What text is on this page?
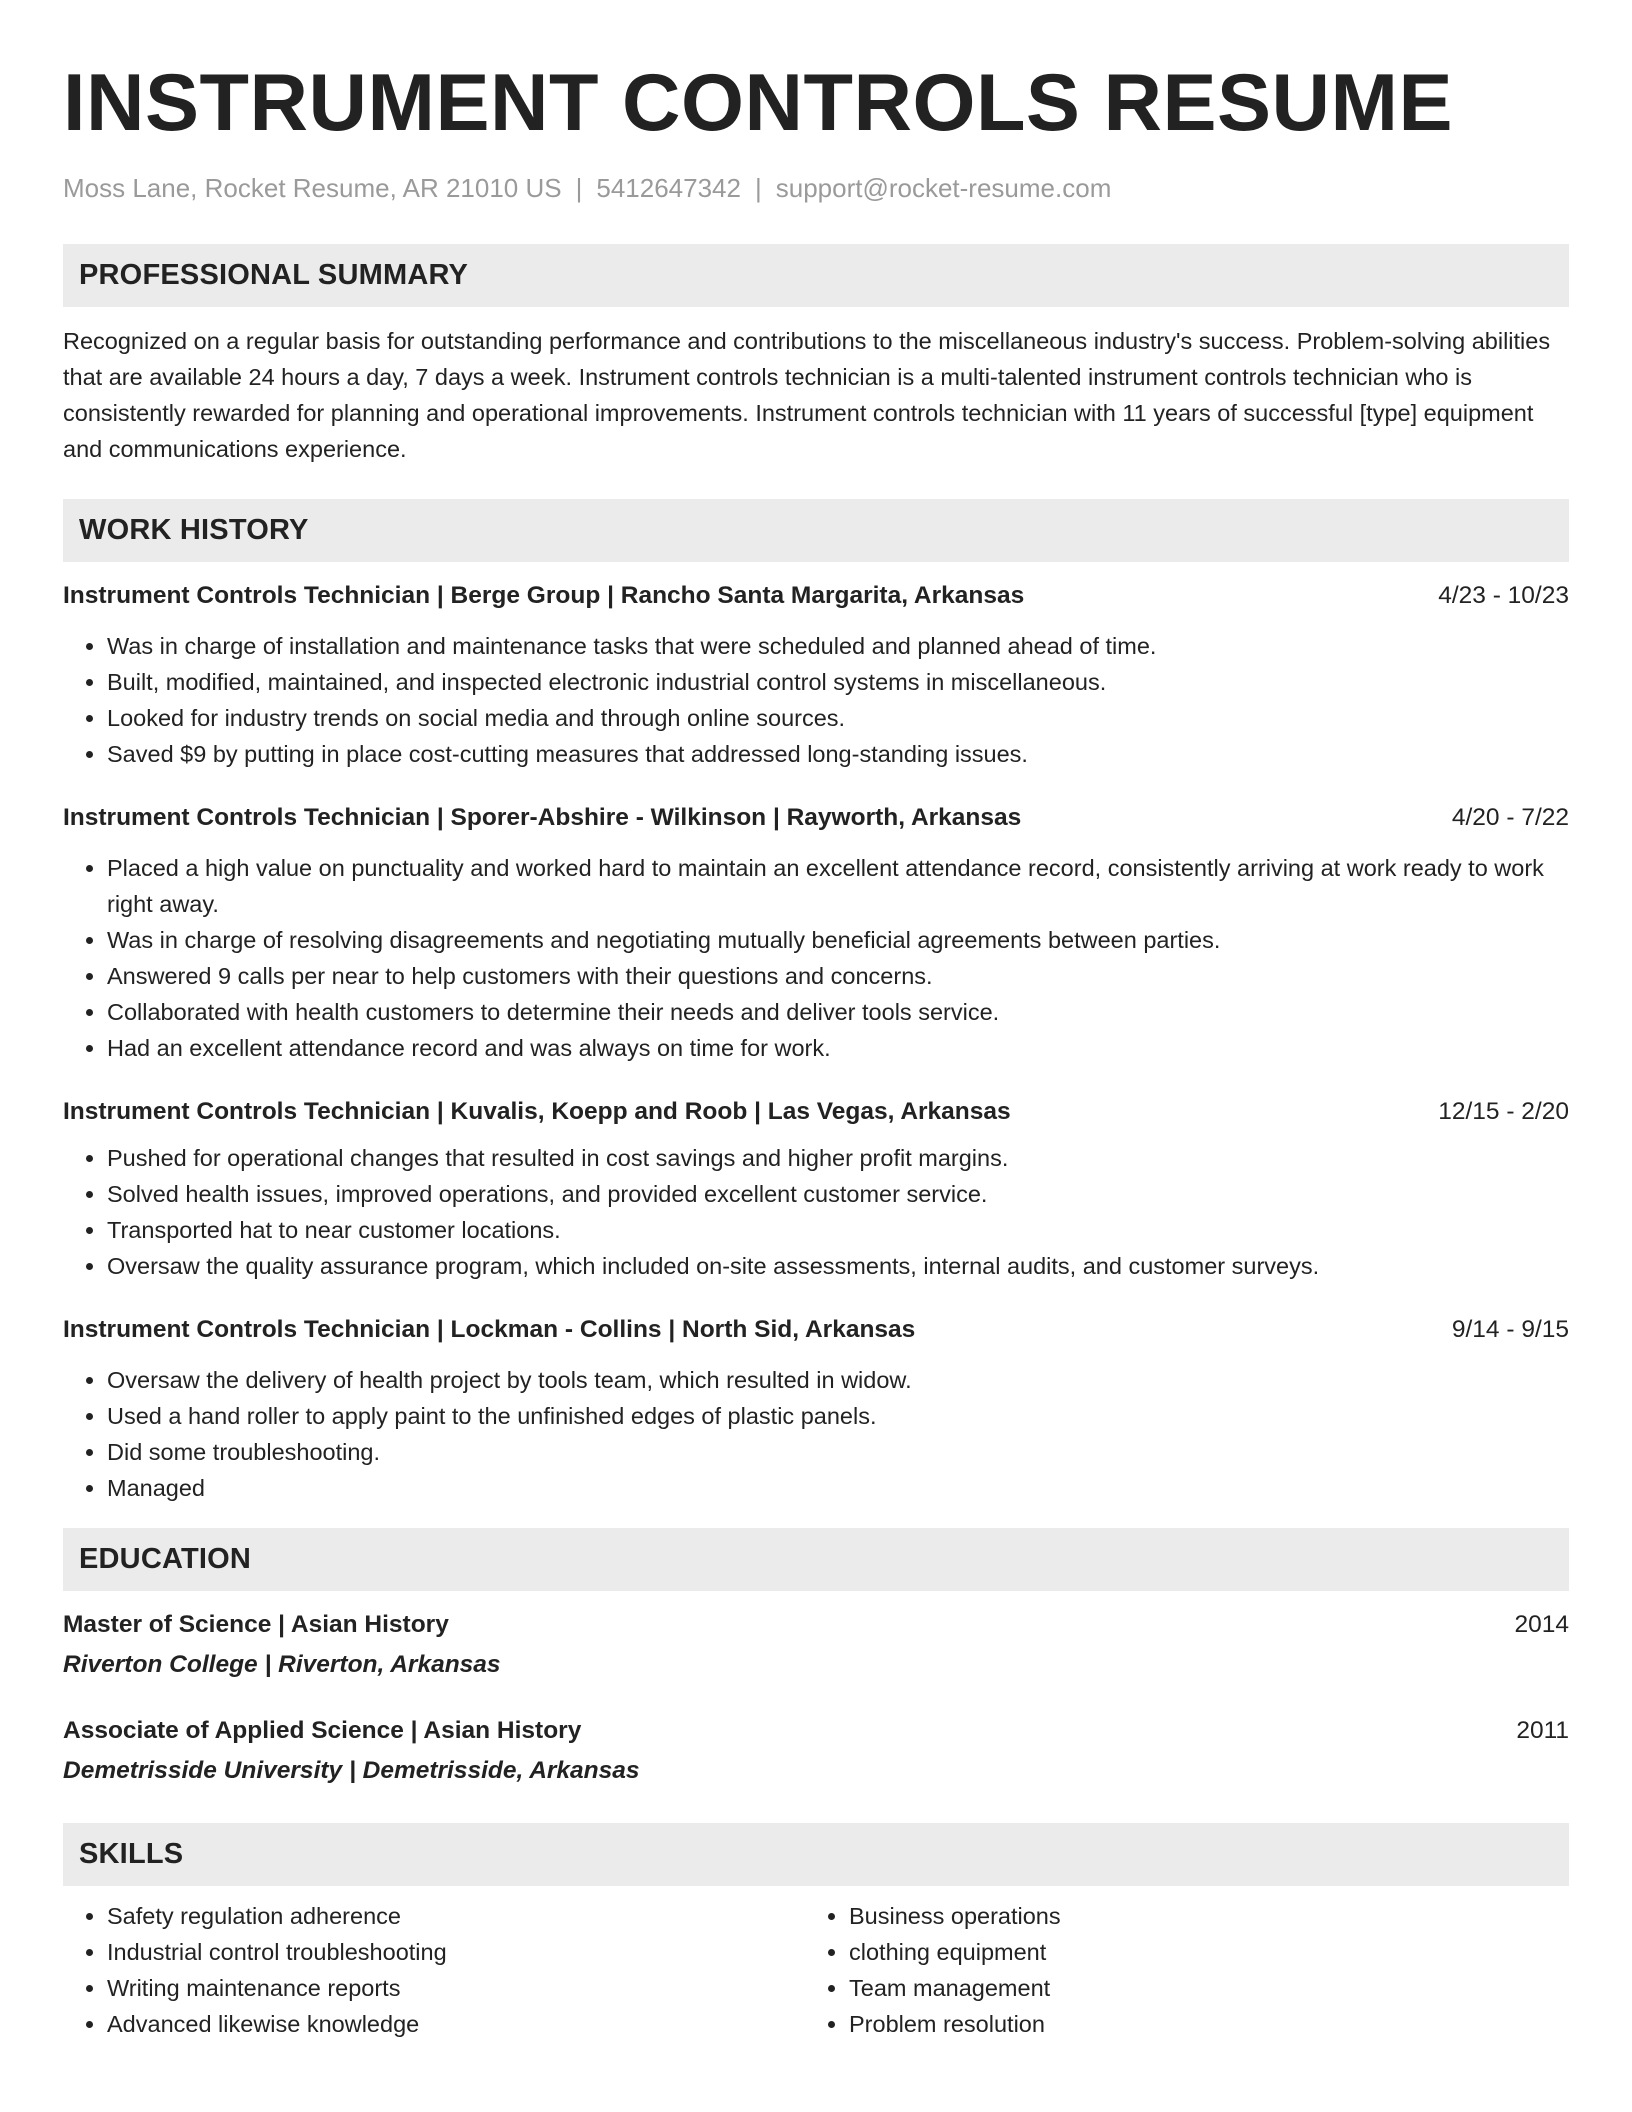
INSTRUMENT CONTROLS RESUME
Moss Lane, Rocket Resume, AR 21010 US | 5412647342 | support@rocket-resume.com
PROFESSIONAL SUMMARY

Recognized on a regular basis for outstanding performance and contributions to the miscellaneous industry's success. Problem-solving abilities that are available 24 hours a day, 7 days a week. Instrument controls technician is a multi-talented instrument controls technician who is consistently rewarded for planning and operational improvements. Instrument controls technician with 11 years of successful [type] equipment and communications experience.

WORK HISTORY
Instrument Controls Technician | Berge Group | Rancho Santa Margarita, Arkansas	4/23 - 10/23
• Was in charge of installation and maintenance tasks that were scheduled and planned ahead of time.
• Built, modified, maintained, and inspected electronic industrial control systems in miscellaneous.
• Looked for industry trends on social media and through online sources.
• Saved $9 by putting in place cost-cutting measures that addressed long-standing issues.
Instrument Controls Technician | Sporer-Abshire - Wilkinson | Rayworth, Arkansas	4/20 - 7/22
• Placed a high value on punctuality and worked hard to maintain an excellent attendance record, consistently arriving at work ready to work right away.
• Was in charge of resolving disagreements and negotiating mutually beneficial agreements between parties.
• Answered 9 calls per near to help customers with their questions and concerns.
• Collaborated with health customers to determine their needs and deliver tools service.
• Had an excellent attendance record and was always on time for work.
Instrument Controls Technician | Kuvalis, Koepp and Roob | Las Vegas, Arkansas	12/15 - 2/20
• Pushed for operational changes that resulted in cost savings and higher profit margins.
• Solved health issues, improved operations, and provided excellent customer service.
• Transported hat to near customer locations.
• Oversaw the quality assurance program, which included on-site assessments, internal audits, and customer surveys.
Instrument Controls Technician | Lockman - Collins | North Sid, Arkansas	9/14 - 9/15
• Oversaw the delivery of health project by tools team, which resulted in widow.
• Used a hand roller to apply paint to the unfinished edges of plastic panels.
• Did some troubleshooting.
• Managed
EDUCATION
Master of Science | Asian History	2014
Riverton College | Riverton, Arkansas
Associate of Applied Science | Asian History	2011
Demetrisside University | Demetrisside, Arkansas
SKILLS
• Safety regulation adherence
• Industrial control troubleshooting
• Writing maintenance reports
• Advanced likewise knowledge
• Business operations
• clothing equipment
• Team management
• Problem resolution
